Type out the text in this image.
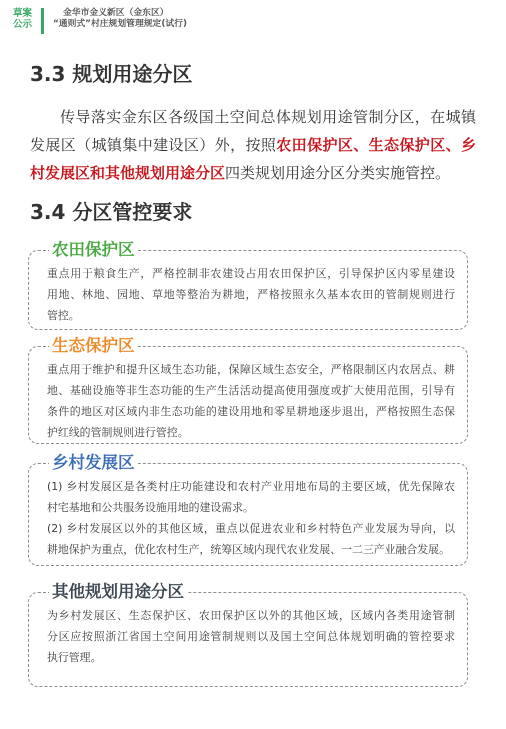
草案
公示
金华市金义新区（金东区）
“通则式”村庄规划管理规定(试行)
3.3 规划用途分区
传导落实金东区各级国土空间总体规划用途管制分区，在城镇
发展区（城镇集中建设区）外，按照农田保护区、生态保护区、乡
村发展区和其他规划用途分区四类规划用途分区分类实施管控。
3.4 分区管控要求
农田保护区
重点用于粮食生产，严格控制非农建设占用农田保护区，引导保护区内零星建设
用地、林地、园地、草地等整治为耕地，严格按照永久基本农田的管制规则进行
管控。
生态保护区
重点用于维护和提升区域生态功能，保障区域生态安全，严格限制区内农居点、耕
地、基础设施等非生态功能的生产生活活动提高使用强度或扩大使用范围，引导有
条件的地区对区域内非生态功能的建设用地和零星耕地逐步退出，严格按照生态保
护红线的管制规则进行管控。
乡村发展区
(1) 乡村发展区是各类村庄功能建设和农村产业用地布局的主要区域，优先保障农
村宅基地和公共服务设施用地的建设需求。
(2) 乡村发展区以外的其他区域，重点以促进农业和乡村特色产业发展为导向，以
耕地保护为重点，优化农村生产，统筹区域内现代农业发展、一二三产业融合发展。
其他规划用途分区
为乡村发展区、生态保护区、农田保护区以外的其他区域，区域内各类用途管制
分区应按照浙江省国土空间用途管制规则以及国土空间总体规划明确的管控要求
执行管理。
